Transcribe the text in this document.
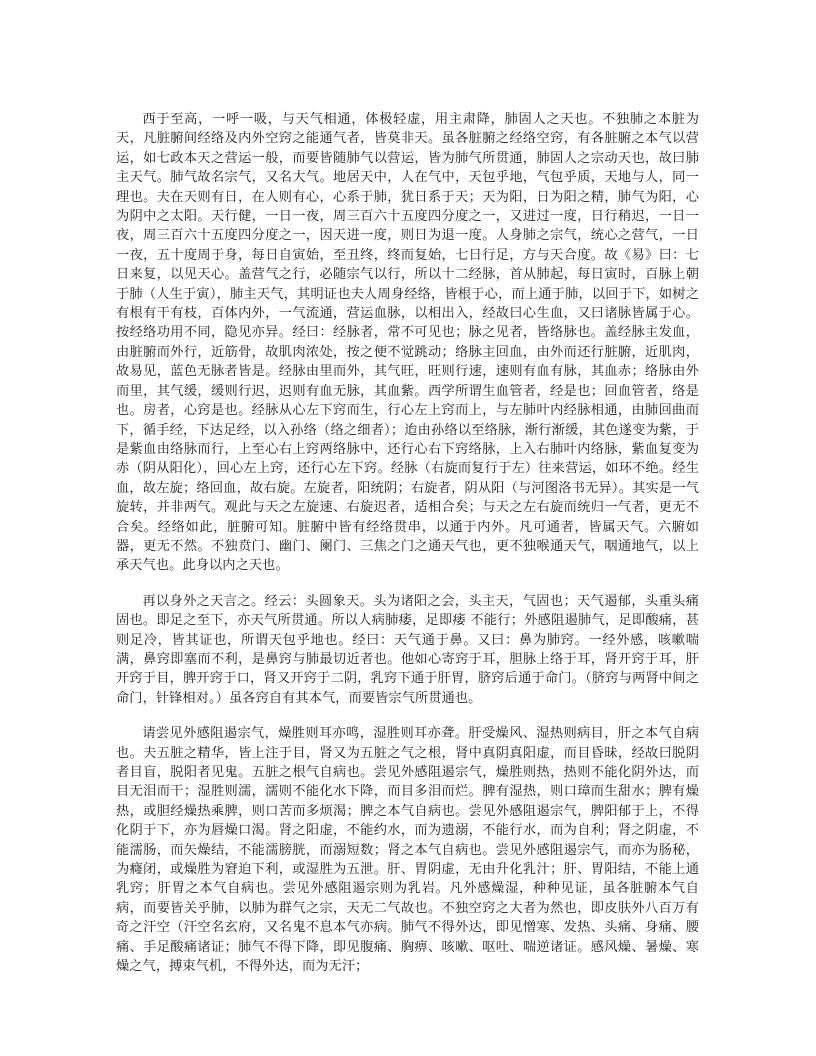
西于至高，一呼一吸，与天气相通，体极轻虚，用主肃降，肺固人之天也。不独肺之本脏为天，凡脏腑间经络及内外空窍之能通气者，皆莫非天。虽各脏腑之经络空窍，有各脏腑之本气以营运，如七政本天之营运一般，而要皆随肺气以营运，皆为肺气所贯通，肺固人之宗动天也，故曰肺主天气。肺气故名宗气，又名大气。地居天中，人在气中，天包乎地，气包乎质，天地与人，同一理也。夫在天则有日，在人则有心，心系于肺，犹日系于天；天为阳，日为阳之精，肺气为阳，心为阴中之太阳。天行健，一日一夜，周三百六十五度四分度之一，又进过一度，日行稍迟，一日一夜，周三百六十五度四分度之一，因天进一度，则日为退一度。人身肺之宗气，统心之营气，一日一夜，五十度周于身，每日自寅始，至丑终，终而复始，七日行足，方与天合度。故《易》曰：七日来复，以见天心。盖营气之行，必随宗气以行，所以十二经脉，首从肺起，每日寅时，百脉上朝于肺（人生于寅），肺主天气，其明证也夫人周身经络，皆根于心，而上通于肺，以回于下，如树之有根有干有枝，百体内外，一气流通，营运血脉，以相出入，经故曰心生血，又曰诸脉皆属于心。按经络功用不同，隐见亦异。经曰：经脉者，常不可见也；脉之见者，皆络脉也。盖经脉主发血，由脏腑而外行，近筋骨，故肌肉浓处，按之便不觉跳动；络脉主回血，由外而还行脏腑，近肌肉，故易见，蓝色无脉者皆是。经脉由里而外，其气旺，旺则行速，速则有血有脉，其血赤；络脉由外而里，其气缓，缓则行迟，迟则有血无脉，其血紫。西学所谓生血管者，经是也；回血管者，络是也。房者，心窍是也。经脉从心左下窍而生，行心左上窍而上，与左肺叶内经脉相通，由肺回曲而下，循手经，下达足经，以入孙络（络之细者）；迨由孙络以至络脉，渐行渐缓，其色遂变为紫，于是紫血由络脉而行，上至心右上窍两络脉中，还行心右下窍络脉，上入右肺叶内络脉，紫血复变为赤（阴从阳化），回心左上窍，还行心左下窍。经脉（右旋而复行于左）往来营运，如环不绝。经生血，故左旋；络回血，故右旋。左旋者，阳统阴；右旋者，阴从阳（与河图洛书无异）。其实是一气旋转，并非两气。观此与天之左旋速、右旋迟者，适相合矣；与天之左右旋而统归一气者，更无不合矣。经络如此，脏腑可知。脏腑中皆有经络贯串，以通于内外。凡可通者，皆属天气。六腑如器，更无不然。不独贲门、幽门、阑门、三焦之门之通天气也，更不独喉通天气，咽通地气，以上承天气也。此身以内之天也。

再以身外之天言之。经云：头圆象天。头为诸阳之会，头主天，气固也；天气遏郁，头重头痛固也。即足之至下，亦天气所贯通。所以人病肺痿，足即痿 不能行；外感阻遏肺气，足即酸痛，甚则足冷，皆其证也，所谓天包乎地也。经曰：天气通于鼻。又曰：鼻为肺窍。一经外感，咳嗽喘满，鼻窍即塞而不利，是鼻窍与肺最切近者也。他如心寄窍于耳，胆脉上络于耳，肾开窍于耳，肝开窍于目，脾开窍于口，肾又开窍于二阴，乳窍下通于肝胃，脐窍后通于命门。（脐窍与两肾中间之命门，针锋相对。）虽各窍自有其本气，而要皆宗气所贯通也。

请尝见外感阻遏宗气，燥胜则耳亦鸣，湿胜则耳亦聋。肝受燥风、湿热则病目，肝之本气自病也。夫五脏之精华，皆上注于目，肾又为五脏之气之根，肾中真阴真阳虚，而目昏昧，经故曰脱阴者目盲，脱阳者见鬼。五脏之根气自病也。尝见外感阻遏宗气，燥胜则热，热则不能化阴外达，而目无泪而干；湿胜则濡，濡则不能化水下降，而目多泪而烂。脾有湿热，则口璋而生甜水；脾有燥热，或胆经燥热乘脾，则口苦而多烦渴；脾之本气自病也。尝见外感阻遏宗气，脾阳郁于上，不得化阴于下，亦为唇燥口渴。肾之阳虚，不能约水，而为遗溺，不能行水，而为自利；肾之阴虚，不能濡肠，而矢燥结，不能濡膀胱，而溺短数；肾之本气自病也。尝见外感阻遏宗气，而亦为肠秘，为癃闭，或燥胜为窘迫下利，或湿胜为五泄。肝、胃阴虚，无由升化乳汁；肝、胃阳结，不能上通乳窍；肝胃之本气自病也。尝见外感阻遏宗则为乳岩。凡外感燥湿，种种见证，虽各脏腑本气自病，而要皆关乎肺，以肺为群气之宗，天无二气故也。不独空窍之大者为然也，即皮肤外八百万有奇之汗空（汗空名玄府，又名鬼不息本气亦病。肺气不得外达，即见憎寒、发热、头痛、身痛、腰痛、手足酸痛诸证；肺气不得下降，即见腹痛、胸痹、咳嗽、呕吐、喘逆诸证。感风燥、暑燥、寒燥之气，搏束气机，不得外达，而为无汗；
